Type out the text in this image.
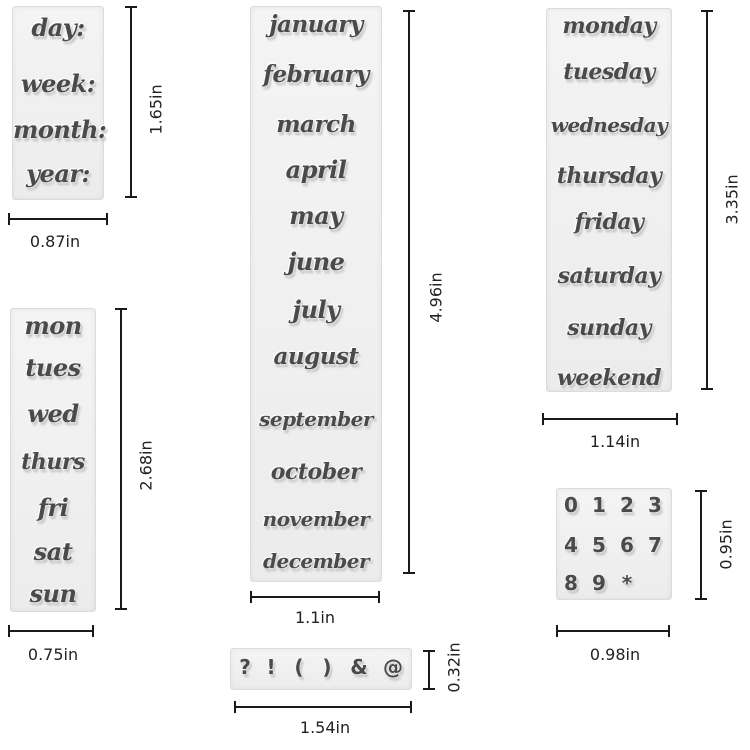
day:
week:
month:
year:
1.65in
0.87in
mon
tues
wed
thurs
fri
sat
sun
2.68in
0.75in
january
february
march
april
may
june
july
august
september
october
november
december
4.96in
1.1in
monday
tuesday
wednesday
thursday
friday
saturday
sunday
weekend
3.35in
1.14in
0 1 2 3
4 5 6 7
8 9 *
0.95in
0.98in
? ! ( ) & @	0.32in
1.54in
